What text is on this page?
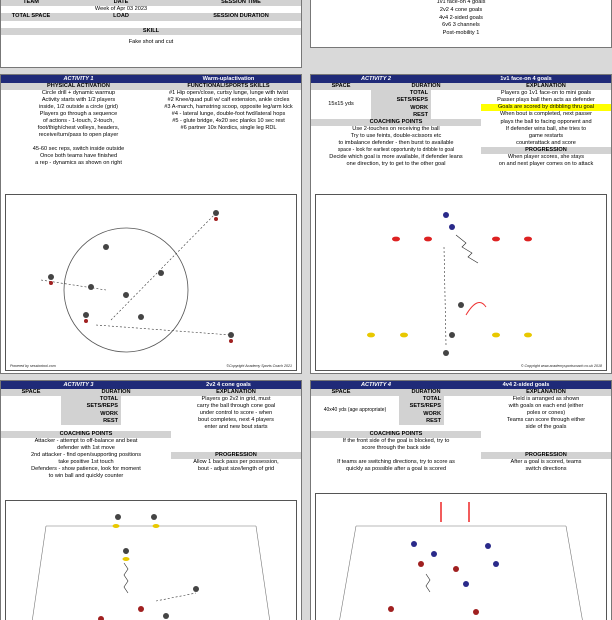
TEAM	DATE	SESSION TIME
Week of Apr 03 2023
TOTAL SPACE	LOAD	SESSION DURATION
SKILL
Fake shot and cut
1v1 face-on 4 goals
2v2 4 cone goals
4v4 2-sided goals
6v6 3 channels
Post-mobility 1
ACTIVITY 1	Warm-up/activation
PHYSICAL ACTIVATION	FUNCTIONAL/SPORTS SKILLS
Circle drill + dynamic warmup
Activity starts with 1/2 players
inside, 1/2 outside a circle (grid)
Players go through a sequence
of actions - 1-touch, 2-touch,
foot/thigh/chest volleys, headers,
receive/turn/pass to open player
45-60 sec reps, switch inside outside
Once both teams have finished
a rep - dynamics as shown on right
#1 Hip open/close, curtsy lunge, lunge with twist
#2 Knee/quad pull w/ calf extension, ankle circles
#3 A-march, hamstring scoop, opposite leg/arm kick
#4 - lateral lunge, double-foot fwd/lateral hops
#5 - glute bridge, 4x20 sec planks 10 sec rest
#6 partner 10x Nordics, single leg RDL
Powered by sessiontool.com	©Copyright Academy Sports Coach 2021
ACTIVITY 2	1v1 face-on 4 goals
SPACE	DURATION	EXPLANATION
15x15 yds
TOTAL
SETS/REPS
WORK
REST
Players go 1v1 face-on to mini goals
Passer plays ball then acts as defender
Goals are scored by dribbling thru goal
When bout is completed, next passer
COACHING POINTS
Use 2-touches on receiving the ball
Try to use feints, double-scissors etc
to imbalance defender - then burst to available
space - look for earliest opportunity to dribble to goal
Decide which goal is more available, if defender leans
one direction, try to get to the other goal
plays the ball to facing opponent and
If defender wins ball, she tries to
game restarts
counterattack and score
PROGRESSION
When player scores, she stays
on and next player comes on to attack
© Copyright www.academysportscoach.co.uk 2018
ACTIVITY 3	2v2 4 cone goals
SPACE	DURATION	EXPLANATION
TOTAL
SETS/REPS
WORK
REST
Players go 2v2 in grid, must
carry the ball through cone goal
under control to score - when
bout completes, next 4 players
enter and new bout starts
COACHING POINTS
Attacker - attempt to off-balance and beat
defender with 1st move
2nd attacker - find open/supporting positions
take positive 1st touch
Defenders - show patience, look for moment
to win ball and quickly counter
PROGRESSION
Allow 1 back pass per possession,
bout - adjust size/length of grid
ACTIVITY 4	4v4 2-sided goals
SPACE	DURATION	EXPLANATION
40x40 yds (age appropriate)
TOTAL
SETS/REPS
WORK
REST
Field is arranged as shown
with goals on each end (either
poles or cones)
Teams can score through either
side of the goals
COACHING POINTS
If the front side of the goal is blocked, try to
score through the back side
If teams are switching directions, try to score as
quickly as possible after a goal is scored
PROGRESSION
After a goal is scored, teams
switch directions
